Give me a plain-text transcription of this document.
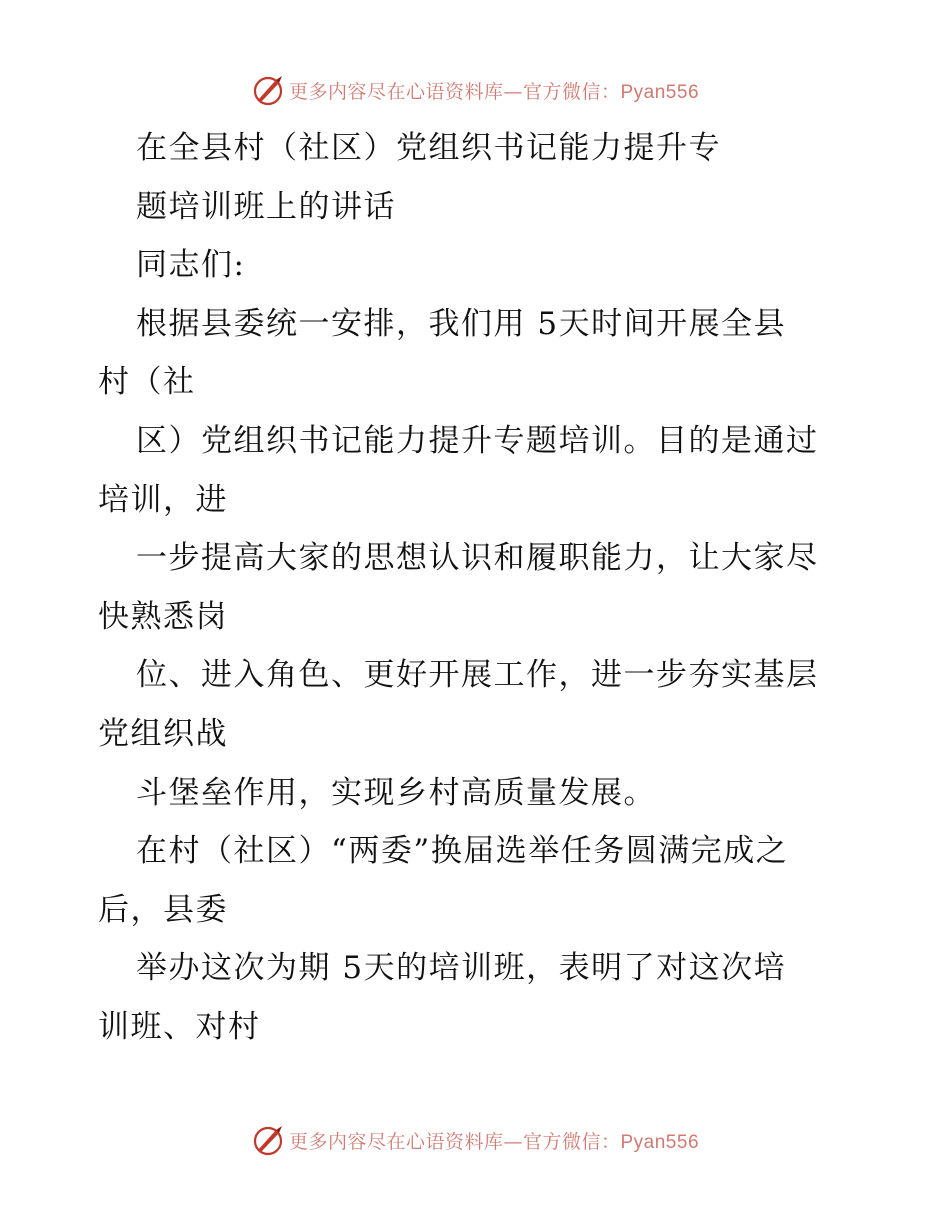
更多内容尽在心语资料库—官方微信：Pyan556
在全县村（社区）党组织书记能力提升专
题培训班上的讲话
同志们:
根据县委统一安排，我们用 5天时间开展全县
村（社
区）党组织书记能力提升专题培训。目的是通过
培训，进
一步提高大家的思想认识和履职能力，让大家尽
快熟悉岗
位、进入角色、更好开展工作，进一步夯实基层
党组织战
斗堡垒作用，实现乡村高质量发展。
在村（社区）“两委”换届选举任务圆满完成之
后，县委
举办这次为期 5天的培训班，表明了对这次培
训班、对村
更多内容尽在心语资料库—官方微信：Pyan556
